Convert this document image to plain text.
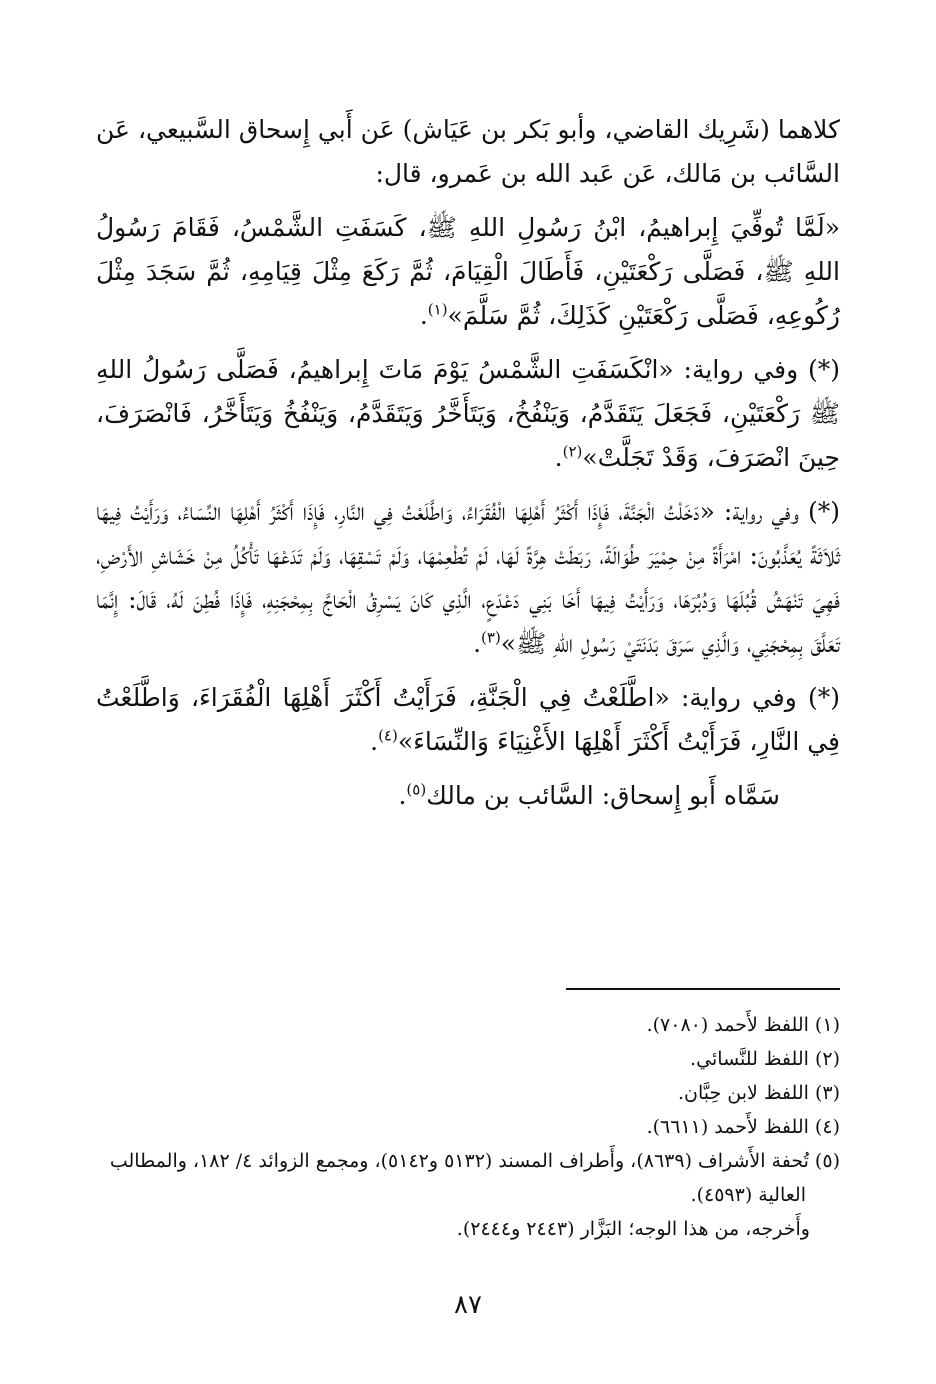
كلاهما (شَرِيك القاضي، وأبو بَكر بن عَيَاش) عَن أَبي إِسحاق السَّبيعي، عَن السَّائب بن مَالك، عَن عَبد الله بن عَمرو، قال:

«لَمَّا تُوفِّيَ إِبراهيمُ، ابْنُ رَسُولِ اللهِ ﷺ، كَسَفَتِ الشَّمْسُ، فَقَامَ رَسُولُ اللهِ ﷺ، فَصَلَّى رَكْعَتَيْنِ، فَأَطَالَ الْقِيَامَ، ثُمَّ رَكَعَ مِثْلَ قِيَامِهِ، ثُمَّ سَجَدَ مِثْلَ رُكُوعِهِ، فَصَلَّى رَكْعَتَيْنِ كَذَلِكَ، ثُمَّ سَلَّمَ»$^{(١)}$.

(*) وفي رواية: «انْكَسَفَتِ الشَّمْسُ يَوْمَ مَاتَ إِبراهيمُ، فَصَلَّى رَسُولُ اللهِ ﷺ رَكْعَتَيْنِ، فَجَعَلَ يَتَقَدَّمُ، وَيَنْفُخُ، وَيَتَأَخَّرُ وَيَتَقَدَّمُ، وَيَنْفُخُ وَيَتَأَخَّرُ، فَانْصَرَفَ، حِينَ انْصَرَفَ، وَقَدْ تَجَلَّتْ»$^{(٢)}$.

(*) وفي رواية: «دَخَلْتُ الْجَنَّةَ، فَإِذَا أَكْثَرُ أَهْلِهَا الْفُقَرَاءُ، وَاطَّلَعْتُ فِي النَّارِ، فَإِذَا أَكْثَرُ أَهْلِهَا النِّسَاءُ، وَرَأَيْتُ فِيهَا ثَلاَثَةً يُعَذَّبُونَ: امْرَأَةً مِنْ حِمْيَرَ طُوَالَةً، رَبَطَتْ هِرَّةً لَهَا، لَمْ تُطْعِمْهَا، وَلَمْ تَسْقِهَا، وَلَمْ تَدَعْهَا تَأْكُلُ مِنْ خَشَاشِ الأَرْضِ، فَهِيَ تَنْهَشُ قُبُلَهَا وَدُبُرَهَا، وَرَأَيْتُ فِيهَا أَخَا بَنِي دَعْدَعٍ، الَّذِي كَانَ يَسْرِقُ الْحَاجَّ بِمِحْجَنِهِ، فَإِذَا فُطِنَ لَهُ، قَالَ: إِنَّمَا تَعَلَّقَ بِمِحْجَنِي، وَالَّذِي سَرَقَ بَدَنَتَيْ رَسُولِ اللهِ ﷺ»$^{(٣)}$.

(*) وفي رواية: «اطَّلَعْتُ فِي الْجَنَّةِ، فَرَأَيْتُ أَكْثَرَ أَهْلِهَا الْفُقَرَاءَ، وَاطَّلَعْتُ فِي النَّارِ، فَرَأَيْتُ أَكْثَرَ أَهْلِهَا الأَغْنِيَاءَ وَالنِّسَاءَ»$^{(٤)}$.

سَمَّاه أَبو إِسحاق: السَّائب بن مالك$^{(٥)}$.

(١) اللفظ لأَحمد (٧٠٨٠).

(٢) اللفظ للنَّسائي.

(٣) اللفظ لابن حِبَّان.

(٤) اللفظ لأَحمد (٦٦١١).

(٥) تُحفة الأَشراف (٨٦٣٩)، وأَطراف المسند (٥١٣٢ و٥١٤٢)، ومجمع الزوائد ٤/ ١٨٢، والمطالب

العالية (٤٥٩٣).

وأَخرجه، من هذا الوجه؛ البَزَّار (٢٤٤٣ و٢٤٤٤).

٨٧
